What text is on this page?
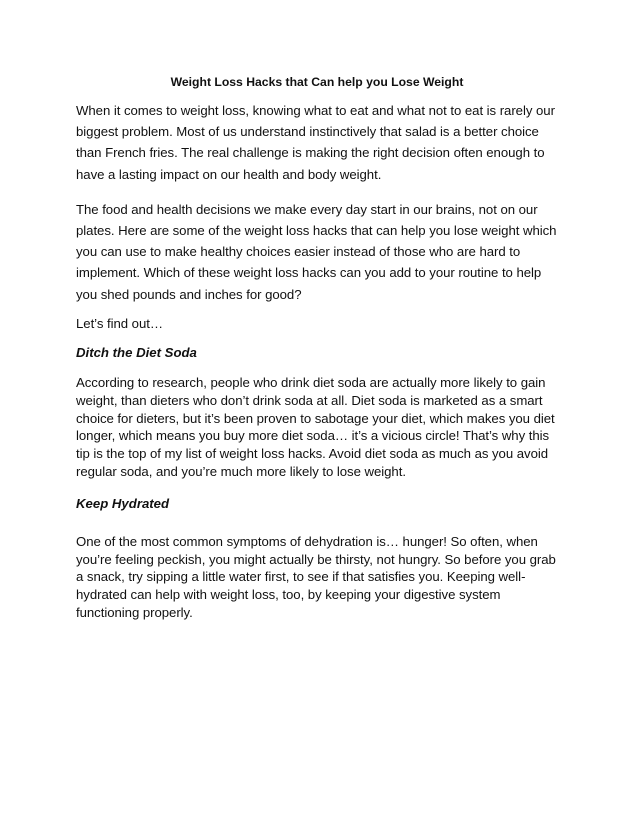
Weight Loss Hacks that Can help you Lose Weight

When it comes to weight loss, knowing what to eat and what not to eat is rarely our biggest problem. Most of us understand instinctively that salad is a better choice than French fries. The real challenge is making the right decision often enough to have a lasting impact on our health and body weight.

The food and health decisions we make every day start in our brains, not on our plates. Here are some of the weight loss hacks that can help you lose weight which you can use to make healthy choices easier instead of those who are hard to implement. Which of these weight loss hacks can you add to your routine to help you shed pounds and inches for good?

Let’s find out…

Ditch the Diet Soda

According to research, people who drink diet soda are actually more likely to gain weight, than dieters who don’t drink soda at all. Diet soda is marketed as a smart choice for dieters, but it’s been proven to sabotage your diet, which makes you diet longer, which means you buy more diet soda… it’s a vicious circle! That’s why this tip is the top of my list of weight loss hacks. Avoid diet soda as much as you avoid regular soda, and you’re much more likely to lose weight.

Keep Hydrated

One of the most common symptoms of dehydration is… hunger! So often, when you’re feeling peckish, you might actually be thirsty, not hungry. So before you grab a snack, try sipping a little water first, to see if that satisfies you. Keeping well-hydrated can help with weight loss, too, by keeping your digestive system functioning properly.
